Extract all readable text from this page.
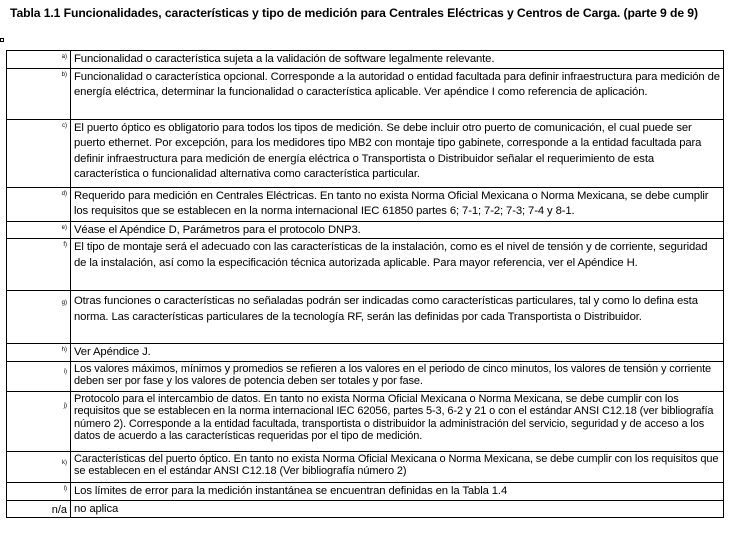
Tabla 1.1 Funcionalidades, características y tipo de medición para Centrales Eléctricas y Centros de Carga. (parte 9 de 9)
a)	Funcionalidad o característica sujeta a la validación de software legalmente relevante.
b)	Funcionalidad o característica opcional. Corresponde a la autoridad o entidad facultada para definir infraestructura para medición de energía eléctrica, determinar la funcionalidad o característica aplicable. Ver apéndice I como referencia de aplicación.
c)	El puerto óptico es obligatorio para todos los tipos de medición. Se debe incluir otro puerto de comunicación, el cual puede ser puerto ethernet. Por excepción, para los medidores tipo MB2 con montaje tipo gabinete, corresponde a la entidad facultada para definir infraestructura para medición de energía eléctrica o Transportista o Distribuidor señalar el requerimiento de esta característica o funcionalidad alternativa como característica particular.
d)	Requerido para medición en Centrales Eléctricas. En tanto no exista Norma Oficial Mexicana o Norma Mexicana, se debe cumplir los requisitos que se establecen en la norma internacional IEC 61850 partes 6; 7-1; 7-2; 7-3; 7-4 y 8-1.
e)	Véase el Apéndice D, Parámetros para el protocolo DNP3.
f)	El tipo de montaje será el adecuado con las características de la instalación, como es el nivel de tensión y de corriente, seguridad de la instalación, así como la especificación técnica autorizada aplicable. Para mayor referencia, ver el Apéndice H.
g)	Otras funciones o características no señaladas podrán ser indicadas como características particulares, tal y como lo defina esta norma. Las características particulares de la tecnología RF, serán las definidas por cada Transportista o Distribuidor.
h)	Ver Apéndice J.
i)	Los valores máximos, mínimos y promedios se refieren a los valores en el periodo de cinco minutos, los valores de tensión y corriente deben ser por fase y los valores de potencia deben ser totales y por fase.
j)	Protocolo para el intercambio de datos. En tanto no exista Norma Oficial Mexicana o Norma Mexicana, se debe cumplir con los requisitos que se establecen en la norma internacional IEC 62056, partes 5-3, 6-2 y 21 o con el estándar ANSI C12.18 (ver bibliografía número 2). Corresponde a la entidad facultada, transportista o distribuidor la administración del servicio, seguridad y de acceso a los datos de acuerdo a las características requeridas por el tipo de medición.
k)	Características del puerto óptico. En tanto no exista Norma Oficial Mexicana o Norma Mexicana, se debe cumplir con los requisitos que se establecen en el estándar ANSI C12.18 (Ver bibliografía número 2)
l)	Los límites de error para la medición instantánea se encuentran definidas en la Tabla 1.4
n/a	no aplica
